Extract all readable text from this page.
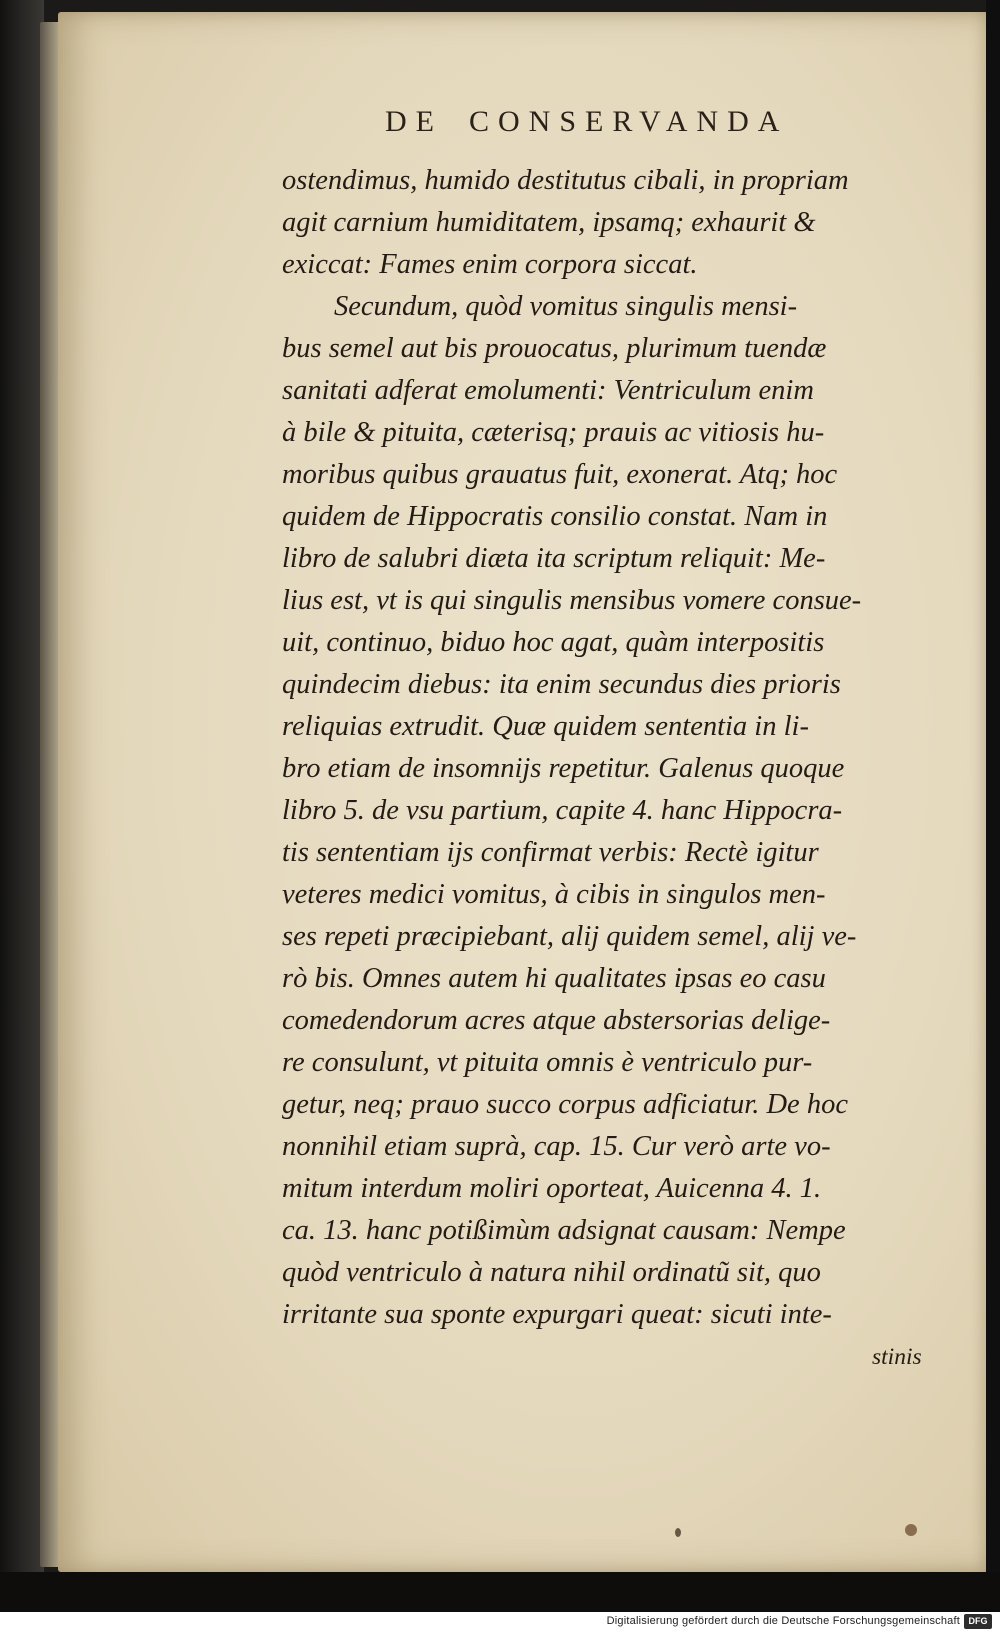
DE CONSERVANDA
ostendimus, humido destitutus cibali, in propriam
agit carnium humiditatem, ipsamq; exhaurit &
exiccat: Fames enim corpora siccat.
Secundum, quòd vomitus singulis mensi-
bus semel aut bis prouocatus, plurimum tuendæ
sanitati adferat emolumenti: Ventriculum enim
à bile & pituita, cæterisq; prauis ac vitiosis hu-
moribus quibus grauatus fuit, exonerat. Atq; hoc
quidem de Hippocratis consilio constat. Nam in
libro de salubri diæta ita scriptum reliquit: Me-
lius est, vt is qui singulis mensibus vomere consue-
uit, continuo, biduo hoc agat, quàm interpositis
quindecim diebus: ita enim secundus dies prioris
reliquias extrudit. Quæ quidem sententia in li-
bro etiam de insomnijs repetitur. Galenus quoque
libro 5. de vsu partium, capite 4. hanc Hippocra-
tis sententiam ijs confirmat verbis: Rectè igitur
veteres medici vomitus, à cibis in singulos men-
ses repeti præcipiebant, alij quidem semel, alij ve-
rò bis. Omnes autem hi qualitates ipsas eo casu
comedendorum acres atque abstersorias delige-
re consulunt, vt pituita omnis è ventriculo pur-
getur, neq; prauo succo corpus adficiatur. De hoc
nonnihil etiam suprà, cap. 15. Cur verò arte vo-
mitum interdum moliri oporteat, Auicenna 4. 1.
ca. 13. hanc potißimùm adsignat causam: Nempe
quòd ventriculo à natura nihil ordinatũ sit, quo
irritante sua sponte expurgari queat: sicuti inte-
stinis
Digitalisierung gefördert durch die Deutsche Forschungsgemeinschaft DFG
